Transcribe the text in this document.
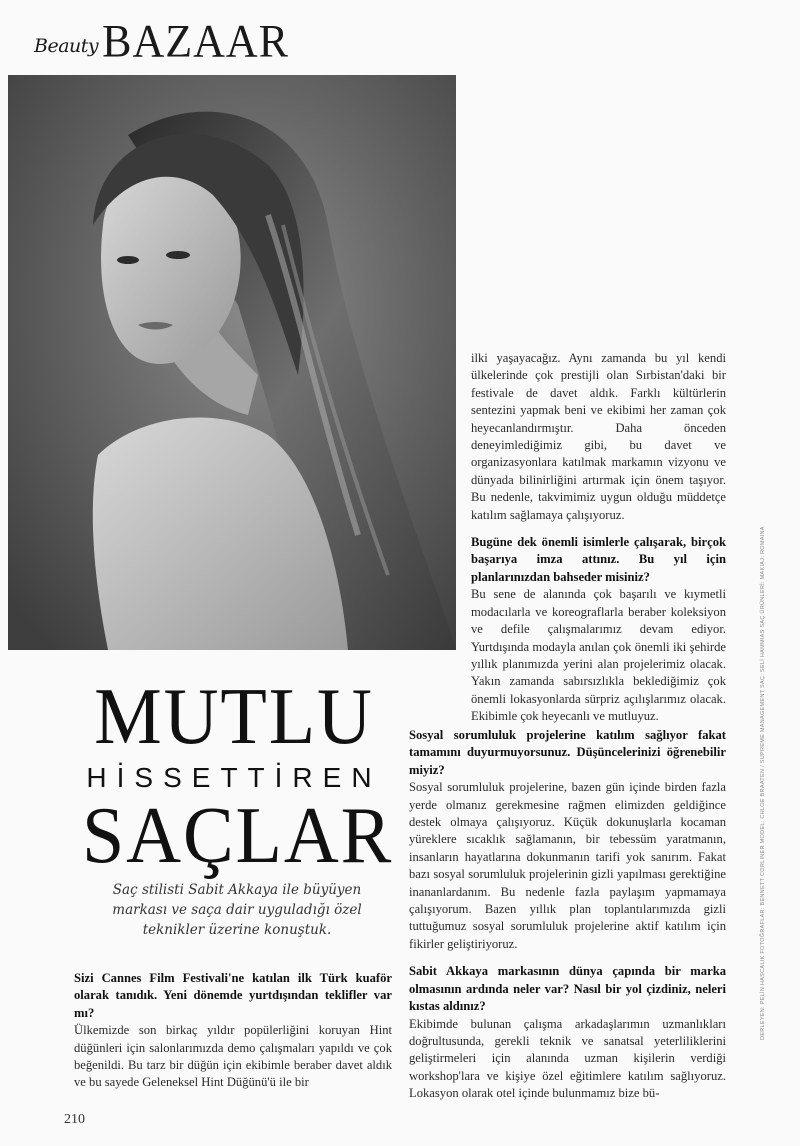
Beauty BAZAAR

ilki yaşayacağız. Aynı zamanda bu yıl kendi ülkelerinde çok prestijli olan Sırbistan'daki bir festivale de davet aldık. Farklı kültürlerin sentezini yapmak beni ve ekibimi her zaman çok heyecanlandırmıştır. Daha önceden deneyimlediğimiz gibi, bu davet ve organizasyonlara katılmak markamın vizyonu ve dünyada bilinirliğini artırmak için önem taşıyor. Bu nedenle, takvimimiz uygun olduğu müddetçe katılım sağlamaya çalışıyoruz.

Bugüne dek önemli isimlerle çalışarak, birçok başarıya imza attınız. Bu yıl için planlarınızdan bahseder misiniz?

Bu sene de alanında çok başarılı ve kıymetli modacılarla ve koreograflarla beraber koleksiyon ve defile çalışmalarımız devam ediyor. Yurtdışında modayla anılan çok önemli iki şehirde yıllık planımızda yerini alan projelerimiz olacak. Yakın zamanda sabırsızlıkla beklediğimiz çok önemli lokasyonlarda sürpriz açılışlarımız olacak. Ekibimle çok heyecanlı ve mutluyuz.

Sosyal sorumluluk projelerine katılım sağlıyor fakat tamamını duyurmuyorsunuz. Düşüncelerinizi öğrenebilir miyiz?

Sosyal sorumluluk projelerine, bazen gün içinde birden fazla yerde olmanız gerekmesine rağmen elimizden geldiğince destek olmaya çalışıyoruz. Küçük dokunuşlarla kocaman yüreklere sıcaklık sağlamanın, bir tebessüm yaratmanın, insanların hayatlarına dokunmanın tarifi yok sanırım. Fakat bazı sosyal sorumluluk projelerinin gizli yapılması gerektiğine inananlardanım. Bu nedenle fazla paylaşım yapmamaya çalışıyorum. Bazen yıllık plan toplantılarımızda gizli tuttuğumuz sosyal sorumluluk projelerine aktif katılım için fikirler geliştiriyoruz.

Sabit Akkaya markasının dünya çapında bir marka olmasının ardında neler var? Nasıl bir yol çizdiniz, neleri kıstas aldınız?

Ekibimde bulunan çalışma arkadaşlarımın uzmanlıkları doğrultusunda, gerekli teknik ve sanatsal yeterliliklerini geliştirmeleri için alanında uzman kişilerin verdiği workshop'lara ve kişiye özel eğitimlere katılım sağlıyoruz. Lokasyon olarak otel içinde bulunmamız bize bü-

MUTLU
HİSSETTİREN
SAÇLAR
Saç stilisti Sabit Akkaya ile büyüyen markası ve saça dair uyguladığı özel teknikler üzerine konuştuk.

Sizi Cannes Film Festivali'ne katılan ilk Türk kuaför olarak tanıdık. Yeni dönemde yurtdışından teklifler var mı?

Ülkemizde son birkaç yıldır popülerliğini koruyan Hint düğünleri için salonlarımızda demo çalışmaları yapıldı ve çok beğenildi. Bu tarz bir düğün için ekibimle beraber davet aldık ve bu sayede Geleneksel Hint Düğünü'ü ile bir

210
DERLEYEN: PELİN HASCALIK FOTOĞRAFLAR: BENNETT CORLINER MODEL: CHLOE BRAATEN / SUPREME MANAGEMENT SAÇ: SELİ HAMMIAS SAÇ ÜRÜNLERİ: MAKIAJ: ROMAINA
